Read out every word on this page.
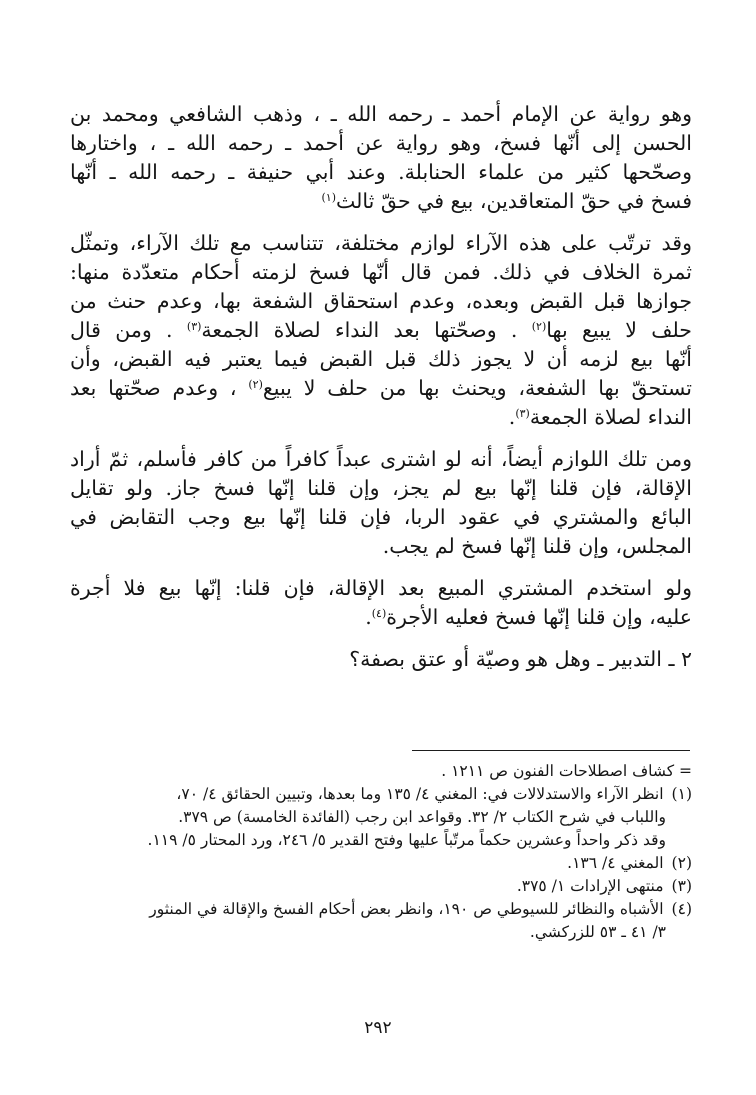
وهو رواية عن الإمام أحمد ـ رحمه الله ـ ، وذهب الشافعي ومحمد بن
الحسن إلى أنّها فسخ، وهو رواية عن أحمد ـ رحمه الله ـ ، واختارها
وصحّحها كثير من علماء الحنابلة. وعند أبي حنيفة ـ رحمه الله ـ أنّها
فسخ في حقّ المتعاقدين، بيع في حقّ ثالث$^{(١)}$
وقد ترتّب على هذه الآراء لوازم مختلفة، تتناسب مع تلك الآراء، وتمثّل
ثمرة الخلاف في ذلك. فمن قال أنّها فسخ لزمته أحكام متعدّدة منها:
جوازها قبل القبض وبعده، وعدم استحقاق الشفعة بها، وعدم حنث من
حلف لا يبيع بها$^{(٢)}$ . وصحّتها بعد النداء لصلاة الجمعة$^{(٣)}$ . ومن قال
أنّها بيع لزمه أن لا يجوز ذلك قبل القبض فيما يعتبر فيه القبض، وأن
تستحقّ بها الشفعة، ويحنث بها من حلف لا يبيع$^{(٢)}$ ، وعدم صحّتها بعد
النداء لصلاة الجمعة$^{(٣)}$.
ومن تلك اللوازم أيضاً، أنه لو اشترى عبداً كافراً من كافر فأسلم، ثمّ أراد
الإقالة، فإن قلنا إنّها بيع لم يجز، وإن قلنا إنّها فسخ جاز. ولو تقايل
البائع والمشتري في عقود الربا، فإن قلنا إنّها بيع وجب التقابض في
المجلس، وإن قلنا إنّها فسخ لم يجب.
ولو استخدم المشتري المبيع بعد الإقالة، فإن قلنا: إنّها بيع فلا أجرة
عليه، وإن قلنا إنّها فسخ فعليه الأجرة$^{(٤)}$.
٢ ـ التدبير ـ وهل هو وصيّة أو عتق بصفة؟
= كشاف اصطلاحات الفنون ص ١٢١١ .
(١)انظر الآراء والاستدلالات في: المغني ٤/ ١٣٥ وما بعدها، وتبيين الحقائق ٤/ ٧٠،
واللباب في شرح الكتاب ٢/ ٣٢. وقواعد ابن رجب (الفائدة الخامسة) ص ٣٧٩.
وقد ذكر واحداً وعشرين حكماً مرتّباً عليها وفتح القدير ٥/ ٢٤٦، ورد المحتار ٥/ ١١٩.
(٢)المغني ٤/ ١٣٦.
(٣)منتهى الإرادات ١/ ٣٧٥.
(٤)الأشباه والنظائر للسيوطي ص ١٩٠، وانظر بعض أحكام الفسخ والإقالة في المنثور
٣/ ٤١ ـ ٥٣ للزركشي.
٢٩٢
